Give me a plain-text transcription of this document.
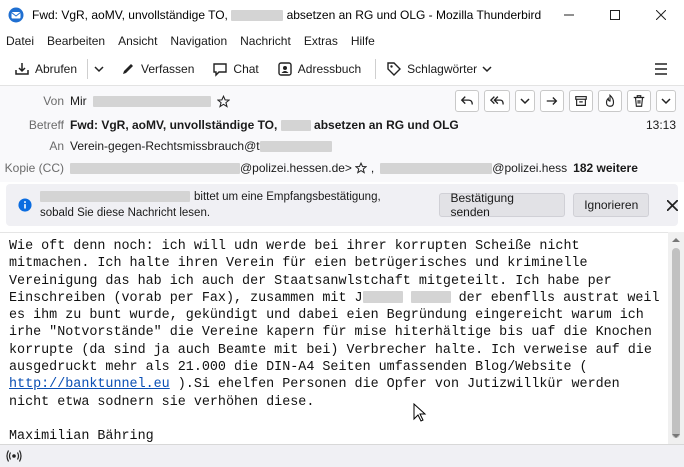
Fwd: VgR, aoMV, unvollständige TO,	absetzen an RG und OLG - Mozilla Thunderbird
Datei Bearbeiten Ansicht Navigation Nachricht Extras Hilfe
Abrufen	Verfassen	Chat	Adressbuch	Schlagwörter
Von Mir
Betreff Fwd: VgR, aoMV, unvollständige TO,	absetzen an RG und OLG	13:13
An Verein-gegen-Rechtsmissbrauch@t
Kopie (CC)	@polizei.hessen.de> ,	@polizei.hess 182 weitere
bittet um eine Empfangsbestätigung,
sobald Sie diese Nachricht lesen.
Bestätigung senden	Ignorieren
Wie oft denn noch: ich will udn werde bei ihrer korrupten Scheiße nicht
mitmachen. Ich halte ihren Verein für eien betrügerisches und kriminelle
Vereinigung das hab ich auch der Staatsanwlstchaft mitgeteilt. Ich habe per
Einschreiben (vorab per Fax), zusammen mit J	der ebenflls austrat weil
es ihm zu bunt wurde, gekündigt und dabei eien Begründung eingereicht warum ich
irhe "Notvorstände" die Vereine kapern für mise hiterhältige bis uaf die Knochen
korrupte (da sind ja auch Beamte mit bei) Verbrecher halte. Ich verweise auf die
ausgedruckt mehr als 21.000 die DIN-A4 Seiten umfassenden Blog/Website (
http://banktunnel.eu ).Si ehelfen Personen die Opfer von Jutizwillkür werden
nicht etwa sodnern sie verhöhen diese.

Maximilian Bähring
